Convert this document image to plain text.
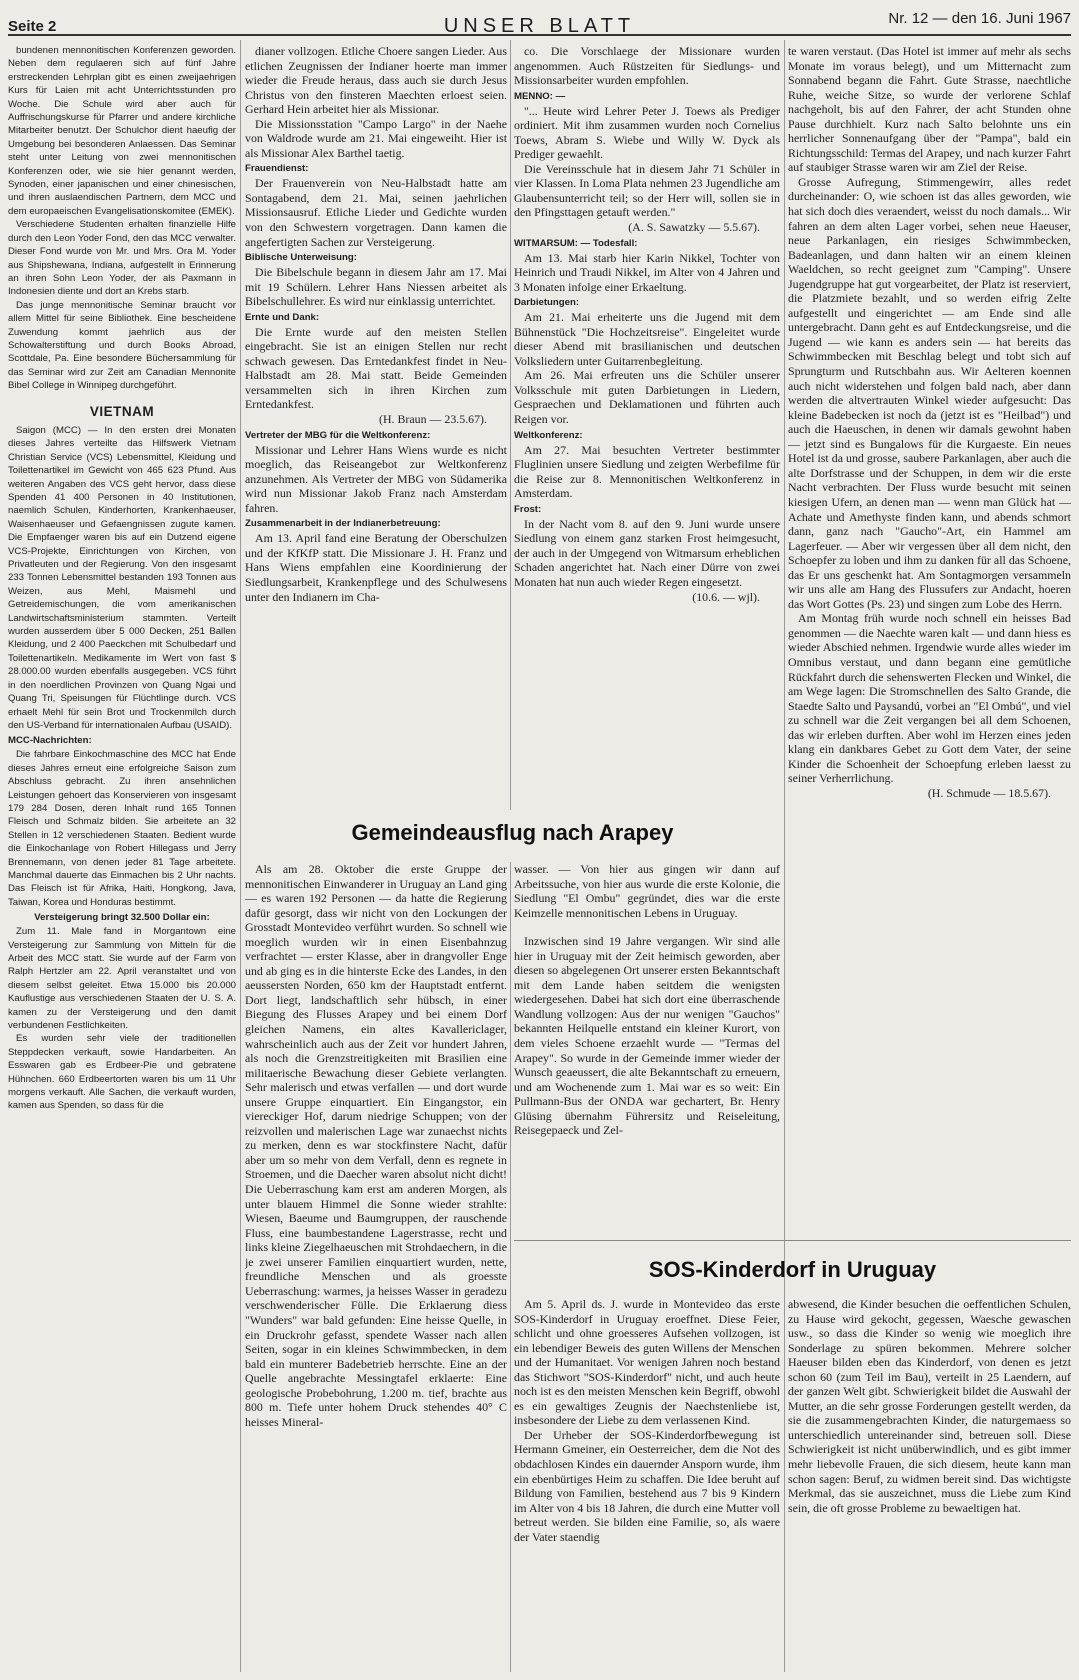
Seite 2	UNSER BLATT	Nr. 12 — den 16. Juni 1967

bundenen mennonitischen Konferenzen geworden. Neben dem regulaeren sich auf fünf Jahre erstreckenden Lehrplan gibt es einen zweijaehrigen Kurs für Laien mit acht Unterrichtsstunden pro Woche. Die Schule wird aber auch für Auffrischungskurse für Pfarrer und andere kirchliche Mitarbeiter benutzt. Der Schulchor dient haeufig der Umgebung bei besonderen Anlaessen. Das Seminar steht unter Leitung von zwei mennonitischen Konferenzen oder, wie sie hier genannt werden, Synoden, einer japanischen und einer chinesischen, und ihren auslaendischen Partnern, dem MCC und dem europaeischen Evangelisationskomitee (EMEK).

Verschiedene Studenten erhalten finanzielle Hilfe durch den Leon Yoder Fond, den das MCC verwalter. Dieser Fond wurde von Mr. und Mrs. Ora M. Yoder aus Shipshewana, Indiana, aufgestellt in Erinnerung an ihren Sohn Leon Yoder, der als Paxmann in Indonesien diente und dort an Krebs starb.

Das junge mennonitische Seminar braucht vor allem Mittel für seine Bibliothek. Eine bescheidene Zuwendung kommt jaehrlich aus der Schowalterstiftung und durch Books Abroad, Scottdale, Pa. Eine besondere Büchersammlung für das Seminar wird zur Zeit am Canadian Mennonite Bibel College in Winnipeg durchgeführt.

VIETNAM

Saigon (MCC) — In den ersten drei Monaten dieses Jahres verteilte das Hilfswerk Vietnam Christian Service (VCS) Lebensmittel, Kleidung und Toilettenartikel im Gewicht von 465 623 Pfund. Aus weiteren Angaben des VCS geht hervor, dass diese Spenden 41 400 Personen in 40 Institutionen, naemlich Schulen, Kinderhorten, Krankenhaeuser, Waisenhaeuser und Gefaengnissen zugute kamen. Die Empfaenger waren bis auf ein Dutzend eigene VCS-Projekte, Einrichtungen von Kirchen, von Privatleuten und der Regierung. Von den insgesamt 233 Tonnen Lebensmittel bestanden 193 Tonnen aus Weizen, aus Mehl, Maismehl und Getreidemischungen, die vom amerikanischen Landwirtschaftsministerium stammten. Verteilt wurden ausserdem über 5 000 Decken, 251 Ballen Kleidung, und 2 400 Paeckchen mit Schulbedarf und Toilettenartikeln. Medikamente im Wert von fast $ 28.000.00 wurden ebenfalls ausgegeben. VCS führt in den noerdlichen Provinzen von Quang Ngai und Quang Tri, Speisungen für Flüchtlinge durch. VCS erhaelt Mehl für sein Brot und Trockenmilch durch den US-Verband für internationalen Aufbau (USAID).

MCC-Nachrichten:

Die fahrbare Einkochmaschine des MCC hat Ende dieses Jahres erneut eine erfolgreiche Saison zum Abschluss gebracht. Zu ihren ansehnlichen Leistungen gehoert das Konservieren von insgesamt 179 284 Dosen, deren Inhalt rund 165 Tonnen Fleisch und Schmalz bilden. Sie arbeitete an 32 Stellen in 12 verschiedenen Staaten. Bedient wurde die Einkochanlage von Robert Hillegass und Jerry Brennemann, von denen jeder 81 Tage arbeitete. Manchmal dauerte das Einmachen bis 2 Uhr nachts. Das Fleisch ist für Afrika, Haiti, Hongkong, Java, Taiwan, Korea und Honduras bestimmt.

Versteigerung bringt 32.500 Dollar ein:

Zum 11. Male fand in Morgantown eine Versteigerung zur Sammlung von Mitteln für die Arbeit des MCC statt. Sie wurde auf der Farm von Ralph Hertzler am 22. April veranstaltet und von diesem selbst geleitet. Etwa 15.000 bis 20.000 Kauflustige aus verschiedenen Staaten der U. S. A. kamen zu der Versteigerung und den damit verbundenen Festlichkeiten.

Es wurden sehr viele der traditionellen Steppdecken verkauft, sowie Handarbeiten. An Esswaren gab es Erdbeer-Pie und gebratene Hühnchen. 660 Erdbeertorten waren bis um 11 Uhr morgens verkauft. Alle Sachen, die verkauft wurden, kamen aus Spenden, so dass für die

dianer vollzogen. Etliche Choere sangen Lieder. Aus etlichen Zeugnissen der Indianer hoerte man immer wieder die Freude heraus, dass auch sie durch Jesus Christus von den finsteren Maechten erloest seien. Gerhard Hein arbeitet hier als Missionar.

Die Missionsstation "Campo Largo" in der Naehe von Waldrode wurde am 21. Mai eingeweiht. Hier ist als Missionar Alex Barthel taetig.

Frauendienst:

Der Frauenverein von Neu-Halbstadt hatte am Sontagabend, dem 21. Mai, seinen jaehrlichen Missionsausruf. Etliche Lieder und Gedichte wurden von den Schwestern vorgetragen. Dann kamen die angefertigten Sachen zur Versteigerung.

Biblische Unterweisung:

Die Bibelschule begann in diesem Jahr am 17. Mai mit 19 Schülern. Lehrer Hans Niessen arbeitet als Bibelschullehrer. Es wird nur einklassig unterrichtet.

Ernte und Dank:

Die Ernte wurde auf den meisten Stellen eingebracht. Sie ist an einigen Stellen nur recht schwach gewesen. Das Erntedankfest findet in Neu-Halbstadt am 28. Mai statt. Beide Gemeinden versammelten sich in ihren Kirchen zum Erntedankfest.

(H. Braun — 23.5.67).

Vertreter der MBG für die Weltkonferenz:

Missionar und Lehrer Hans Wiens wurde es nicht moeglich, das Reiseangebot zur Weltkonferenz anzunehmen. Als Vertreter der MBG von Südamerika wird nun Missionar Jakob Franz nach Amsterdam fahren.

Zusammenarbeit in der Indianerbetreuung:

Am 13. April fand eine Beratung der Oberschulzen und der KfKfP statt. Die Missionare J. H. Franz und Hans Wiens empfahlen eine Koordinierung der Siedlungsarbeit, Krankenpflege und des Schulwesens unter den Indianern im Cha-

co. Die Vorschlaege der Missionare wurden angenommen. Auch Rüstzeiten für Siedlungs- und Missionsarbeiter wurden empfohlen.

MENNO: —

"... Heute wird Lehrer Peter J. Toews als Prediger ordiniert. Mit ihm zusammen wurden noch Cornelius Toews, Abram S. Wiebe und Willy W. Dyck als Prediger gewaehlt.

Die Vereinsschule hat in diesem Jahr 71 Schüler in vier Klassen. In Loma Plata nehmen 23 Jugendliche am Glaubensunterricht teil; so der Herr will, sollen sie in den Pfingsttagen getauft werden."

(A. S. Sawatzky — 5.5.67).

WITMARSUM: — Todesfall:

Am 13. Mai starb hier Karin Nikkel, Tochter von Heinrich und Traudi Nikkel, im Alter von 4 Jahren und 3 Monaten infolge einer Erkaeltung.

Darbietungen:

Am 21. Mai erheiterte uns die Jugend mit dem Bühnenstück "Die Hochzeitsreise". Eingeleitet wurde dieser Abend mit brasilianischen und deutschen Volksliedern unter Guitarrenbegleitung.

Am 26. Mai erfreuten uns die Schüler unserer Volksschule mit guten Darbietungen in Liedern, Gespraechen und Deklamationen und führten auch Reigen vor.

Weltkonferenz:

Am 27. Mai besuchten Vertreter bestimmter Fluglinien unsere Siedlung und zeigten Werbefilme für die Reise zur 8. Mennonitischen Weltkonferenz in Amsterdam.

Frost:

In der Nacht vom 8. auf den 9. Juni wurde unsere Siedlung von einem ganz starken Frost heimgesucht, der auch in der Umgegend von Witmarsum erheblichen Schaden angerichtet hat. Nach einer Dürre von zwei Monaten hat nun auch wieder Regen eingesetzt.

(10.6. — wjl).

te waren verstaut. (Das Hotel ist immer auf mehr als sechs Monate im voraus belegt), und um Mitternacht zum Sonnabend begann die Fahrt. Gute Strasse, naechtliche Ruhe, weiche Sitze, so wurde der verlorene Schlaf nachgeholt, bis auf den Fahrer, der acht Stunden ohne Pause durchhielt. Kurz nach Salto belohnte uns ein herrlicher Sonnenaufgang über der "Pampa", bald ein Richtungsschild: Termas del Arapey, und nach kurzer Fahrt auf staubiger Strasse waren wir am Ziel der Reise.

Grosse Aufregung, Stimmengewirr, alles redet durcheinander: O, wie schoen ist das alles geworden, wie hat sich doch dies veraendert, weisst du noch damals... Wir fahren an dem alten Lager vorbei, sehen neue Haeuser, neue Parkanlagen, ein riesiges Schwimmbecken, Badeanlagen, und dann halten wir an einem kleinen Waeldchen, so recht geeignet zum "Camping". Unsere Jugendgruppe hat gut vorgearbeitet, der Platz ist reserviert, die Platzmiete bezahlt, und so werden eifrig Zelte aufgestellt und eingerichtet — am Ende sind alle untergebracht. Dann geht es auf Entdeckungsreise, und die Jugend — wie kann es anders sein — hat bereits das Schwimmbecken mit Beschlag belegt und tobt sich auf Sprungturm und Rutschbahn aus. Wir Aelteren koennen auch nicht widerstehen und folgen bald nach, aber dann werden die altvertrauten Winkel wieder aufgesucht: Das kleine Badebecken ist noch da (jetzt ist es "Heilbad") und auch die Haeuschen, in denen wir damals gewohnt haben — jetzt sind es Bungalows für die Kurgaeste. Ein neues Hotel ist da und grosse, saubere Parkanlagen, aber auch die alte Dorfstrasse und der Schuppen, in dem wir die erste Nacht verbrachten. Der Fluss wurde besucht mit seinen kiesigen Ufern, an denen man — wenn man Glück hat — Achate und Amethyste finden kann, und abends schmort dann, ganz nach "Gaucho"-Art, ein Hammel am Lagerfeuer. — Aber wir vergessen über all dem nicht, den Schoepfer zu loben und ihm zu danken für all das Schoene, das Er uns geschenkt hat. Am Sontagmorgen versammeln wir uns alle am Hang des Flussufers zur Andacht, hoeren das Wort Gottes (Ps. 23) und singen zum Lobe des Herrn.

Am Montag früh wurde noch schnell ein heisses Bad genommen — die Naechte waren kalt — und dann hiess es wieder Abschied nehmen. Irgendwie wurde alles wieder im Omnibus verstaut, und dann begann eine gemütliche Rückfahrt durch die sehenswerten Flecken und Winkel, die am Wege lagen: Die Stromschnellen des Salto Grande, die Staedte Salto und Paysandú, vorbei an "El Ombú", und viel zu schnell war die Zeit vergangen bei all dem Schoenen, das wir erleben durften. Aber wohl im Herzen eines jeden klang ein dankbares Gebet zu Gott dem Vater, der seine Kinder die Schoenheit der Schoepfung erleben laesst zu seiner Verherrlichung.

(H. Schmude — 18.5.67).

Gemeindeausflug nach Arapey

Als am 28. Oktober die erste Gruppe der mennonitischen Einwanderer in Uruguay an Land ging — es waren 192 Personen — da hatte die Regierung dafür gesorgt, dass wir nicht von den Lockungen der Grosstadt Montevideo verführt wurden. So schnell wie moeglich wurden wir in einen Eisenbahnzug verfrachtet — erster Klasse, aber in drangvoller Enge und ab ging es in die hinterste Ecke des Landes, in den aeussersten Norden, 650 km der Hauptstadt entfernt. Dort liegt, landschaftlich sehr hübsch, in einer Biegung des Flusses Arapey und bei einem Dorf gleichen Namens, ein altes Kavallericlager, wahrscheinlich auch aus der Zeit vor hundert Jahren, als noch die Grenzstreitigkeiten mit Brasilien eine militaerische Bewachung dieser Gebiete verlangten. Sehr malerisch und etwas verfallen — und dort wurde unsere Gruppe einquartiert. Ein Eingangstor, ein viereckiger Hof, darum niedrige Schuppen; von der reizvollen und malerischen Lage war zunaechst nichts zu merken, denn es war stockfinstere Nacht, dafür aber um so mehr von dem Verfall, denn es regnete in Stroemen, und die Daecher waren absolut nicht dicht! Die Ueberraschung kam erst am anderen Morgen, als unter blauem Himmel die Sonne wieder strahlte: Wiesen, Baeume und Baumgruppen, der rauschende Fluss, eine baumbestandene Lagerstrasse, recht und links kleine Ziegelhaeuschen mit Strohdaechern, in die je zwei unserer Familien einquartiert wurden, nette, freundliche Menschen und als groesste Ueberraschung: warmes, ja heisses Wasser in geradezu verschwenderischer Fülle. Die Erklaerung diess "Wunders" war bald gefunden: Eine heisse Quelle, in ein Druckrohr gefasst, spendete Wasser nach allen Seiten, sogar in ein kleines Schwimmbecken, in dem bald ein munterer Badebetrieb herrschte. Eine an der Quelle angebrachte Messingtafel erklaerte: Eine geologische Probebohrung, 1.200 m. tief, brachte aus 800 m. Tiefe unter hohem Druck stehendes 40° C heisses Mineral-

wasser. — Von hier aus gingen wir dann auf Arbeitssuche, von hier aus wurde die erste Kolonie, die Siedlung "El Ombu" gegründet, dies war die erste Keimzelle mennonitischen Lebens in Uruguay.

Inzwischen sind 19 Jahre vergangen. Wir sind alle hier in Uruguay mit der Zeit heimisch geworden, aber diesen so abgelegenen Ort unserer ersten Bekanntschaft mit dem Lande haben seitdem die wenigsten wiedergesehen. Dabei hat sich dort eine überraschende Wandlung vollzogen: Aus der nur wenigen "Gauchos" bekannten Heilquelle entstand ein kleiner Kurort, von dem vieles Schoene erzaehlt wurde — "Termas del Arapey". So wurde in der Gemeinde immer wieder der Wunsch geaeussert, die alte Bekanntschaft zu erneuern, und am Wochenende zum 1. Mai war es so weit: Ein Pullmann-Bus der ONDA war gechartert, Br. Henry Glüsing übernahm Führersitz und Reiseleitung, Reisegepaeck und Zel-

SOS-Kinderdorf in Uruguay

Am 5. April ds. J. wurde in Montevideo das erste SOS-Kinderdorf in Uruguay eroeffnet. Diese Feier, schlicht und ohne groesseres Aufsehen vollzogen, ist ein lebendiger Beweis des guten Willens der Menschen und der Humanitaet. Vor wenigen Jahren noch bestand das Stichwort "SOS-Kinderdorf" nicht, und auch heute noch ist es den meisten Menschen kein Begriff, obwohl es ein gewaltiges Zeugnis der Naechstenliebe ist, insbesondere der Liebe zu dem verlassenen Kind.

Der Urheber der SOS-Kinderdorfbewegung ist Hermann Gmeiner, ein Oesterreicher, dem die Not des obdachlosen Kindes ein dauernder Ansporn wurde, ihm ein ebenbürtiges Heim zu schaffen. Die Idee beruht auf Bildung von Familien, bestehend aus 7 bis 9 Kindern im Alter von 4 bis 18 Jahren, die durch eine Mutter voll betreut werden. Sie bilden eine Familie, so, als waere der Vater staendig

abwesend, die Kinder besuchen die oeffentlichen Schulen, zu Hause wird gekocht, gegessen, Waesche gewaschen usw., so dass die Kinder so wenig wie moeglich ihre Sonderlage zu spüren bekommen. Mehrere solcher Haeuser bilden eben das Kinderdorf, von denen es jetzt schon 60 (zum Teil im Bau), verteilt in 25 Laendern, auf der ganzen Welt gibt. Schwierigkeit bildet die Auswahl der Mutter, an die sehr grosse Forderungen gestellt werden, da sie die zusammengebrachten Kinder, die naturgemaess so unterschiedlich untereinander sind, betreuen soll. Diese Schwierigkeit ist nicht unüberwindlich, und es gibt immer mehr liebevolle Frauen, die sich diesem, heute kann man schon sagen: Beruf, zu widmen bereit sind. Das wichtigste Merkmal, das sie auszeichnet, muss die Liebe zum Kind sein, die oft grosse Probleme zu bewaeltigen hat.
